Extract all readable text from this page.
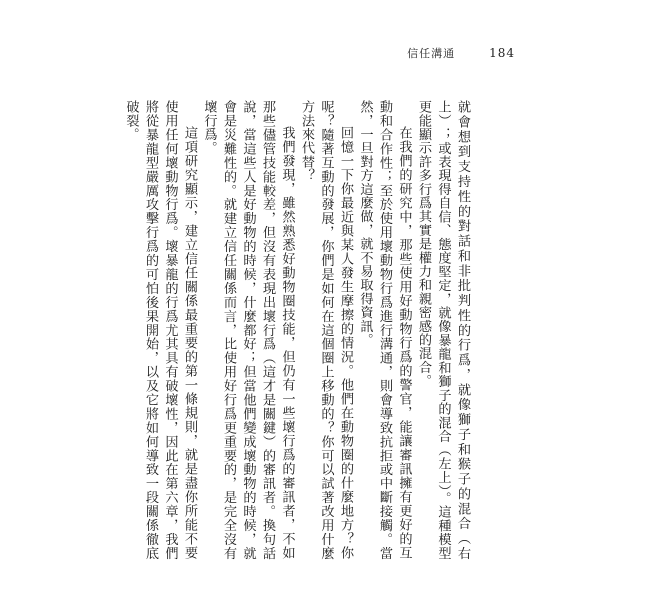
信任溝通	184

就會想到支持性的對話和非批判性的行爲，就像獅子和猴子的混合（右上）；或表現得自信、態度堅定，就像暴龍和獅子的混合（左上）。這種模型更能顯示許多行爲其實是權力和親密感的混合。

在我們的研究中，那些使用好動物行爲的警官，能讓審訊擁有更好的互動和合作性；至於使用壞動物行爲進行溝通，則會導致抗拒或中斷接觸。當然，一旦對方這麼做，就不易取得資訊。

回憶一下你最近與某人發生摩擦的情況。他們在動物圈的什麼地方？你呢？隨著互動的發展，你們是如何在這個圈上移動的？你可以試著改用什麼方法來代替？

我們發現，雖然熟悉好動物圈技能，但仍有一些壞行爲的審訊者，不如那些儘管技能較差，但沒有表現出壞行爲（這才是關鍵）的審訊者。換句話說，當這些人是好動物的時候，什麼都好；但當他們變成壞動物的時候，就會是災難性的。就建立信任關係而言，比使用好行爲更重要的，是完全沒有壞行爲。

這項研究顯示，建立信任關係最重要的第一條規則，就是盡你所能不要使用任何壞動物行爲。壞暴龍的行爲尤其具有破壞性，因此在第六章，我們將從暴龍型嚴厲攻擊行爲的可怕後果開始，以及它將如何導致一段關係徹底破裂。
